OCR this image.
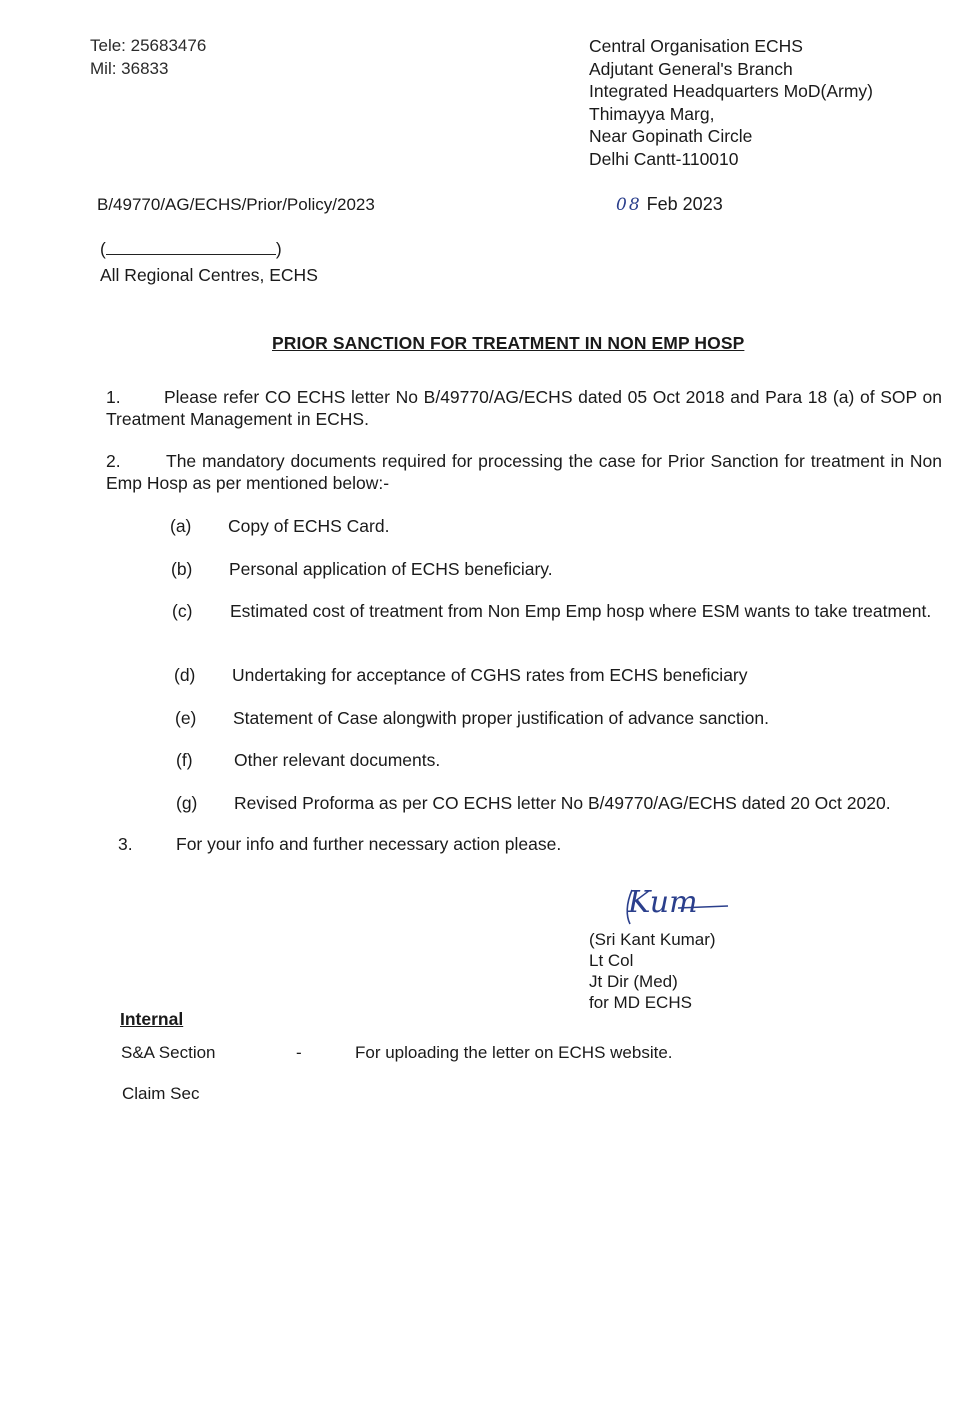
Tele: 25683476
Mil: 36833
Central Organisation ECHS
Adjutant General's Branch
Integrated Headquarters MoD(Army)
Thimayya Marg,
Near Gopinath Circle
Delhi Cantt-110010
B/49770/AG/ECHS/Prior/Policy/2023	08 Feb 2023
(	)
All Regional Centres, ECHS
PRIOR SANCTION FOR TREATMENT IN NON EMP HOSP
1. Please refer CO ECHS letter No B/49770/AG/ECHS dated 05 Oct 2018 and Para 18 (a) of SOP on Treatment Management in ECHS.
2.	The mandatory documents required for processing the case for Prior Sanction for treatment in Non Emp Hosp as per mentioned below:-
(a) Copy of ECHS Card.
(b) Personal application of ECHS beneficiary.
(c) Estimated cost of treatment from Non Emp Emp hosp where ESM wants to take treatment.
(d) Undertaking for acceptance of CGHS rates from ECHS beneficiary
(e) Statement of Case alongwith proper justification of advance sanction.
(f) Other relevant documents.
(g) Revised Proforma as per CO ECHS letter No B/49770/AG/ECHS dated 20 Oct 2020.
3. For your info and further necessary action please.
Kum
(Sri Kant Kumar)
Lt Col
Jt Dir (Med)
for MD ECHS
Internal
S&A Section	-	For uploading the letter on ECHS website.
Claim Sec
